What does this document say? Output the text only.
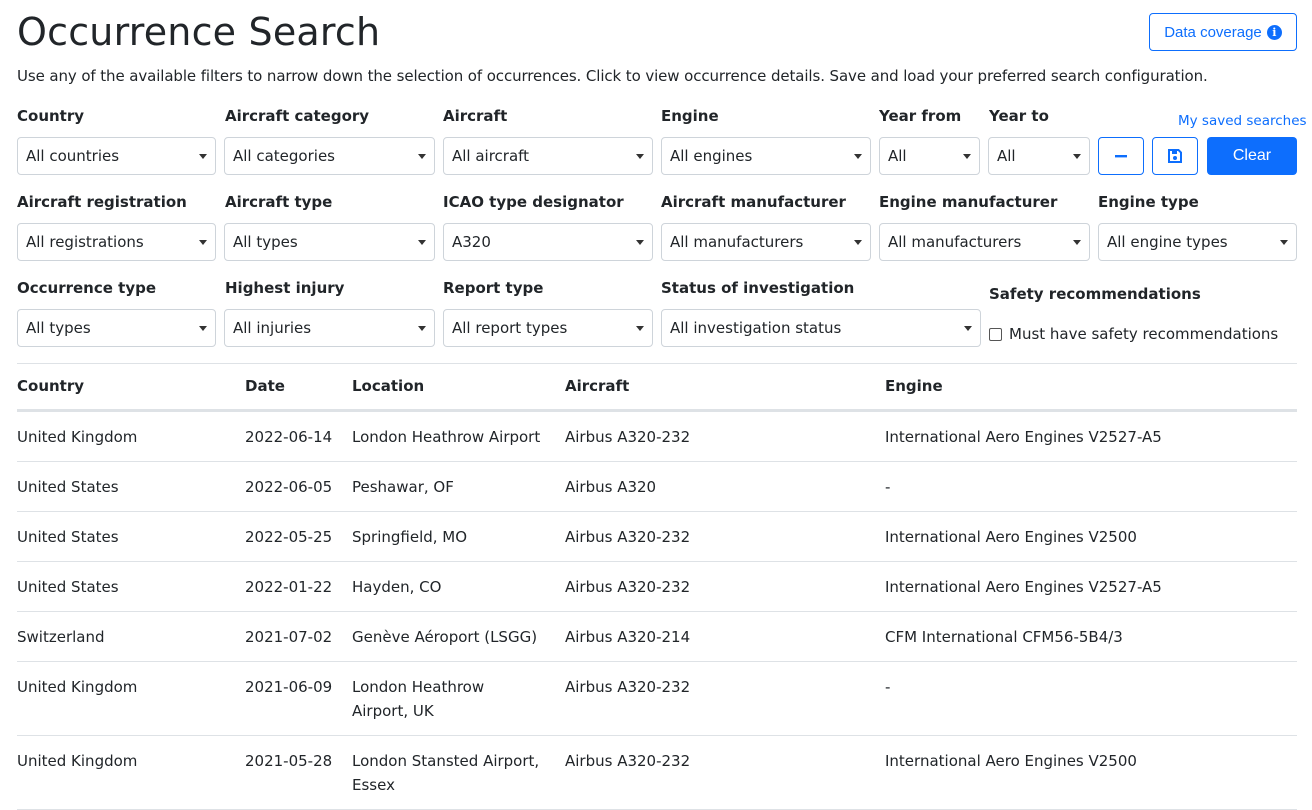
Occurrence Search	Data coverage i
Use any of the available filters to narrow down the selection of occurrences. Click to view occurrence details. Save and load your preferred search configuration.
Country
All countries
Aircraft category
All categories
Aircraft
All aircraft
Engine
All engines
Year from
All
Year to
All
My saved searches
Clear
Aircraft registration
All registrations
Aircraft type
All types
ICAO type designator
A320
Aircraft manufacturer
All manufacturers
Engine manufacturer
All manufacturers
Engine type
All engine types
Occurrence type
All types
Highest injury
All injuries
Report type
All report types
Status of investigation
All investigation status
Safety recommendations
Must have safety recommendations
Country	Date	Location	Aircraft	Engine
United Kingdom	2022-06-14	London Heathrow Airport	Airbus A320-232	International Aero Engines V2527-A5
United States	2022-06-05	Peshawar, OF	Airbus A320	-
United States	2022-05-25	Springfield, MO	Airbus A320-232	International Aero Engines V2500
United States	2022-01-22	Hayden, CO	Airbus A320-232	International Aero Engines V2527-A5
Switzerland	2021-07-02	Genève Aéroport (LSGG)	Airbus A320-214	CFM International CFM56-5B4/3
United Kingdom	2021-06-09	London Heathrow Airport, UK	Airbus A320-232	-
United Kingdom	2021-05-28	London Stansted Airport, Essex	Airbus A320-232	International Aero Engines V2500
